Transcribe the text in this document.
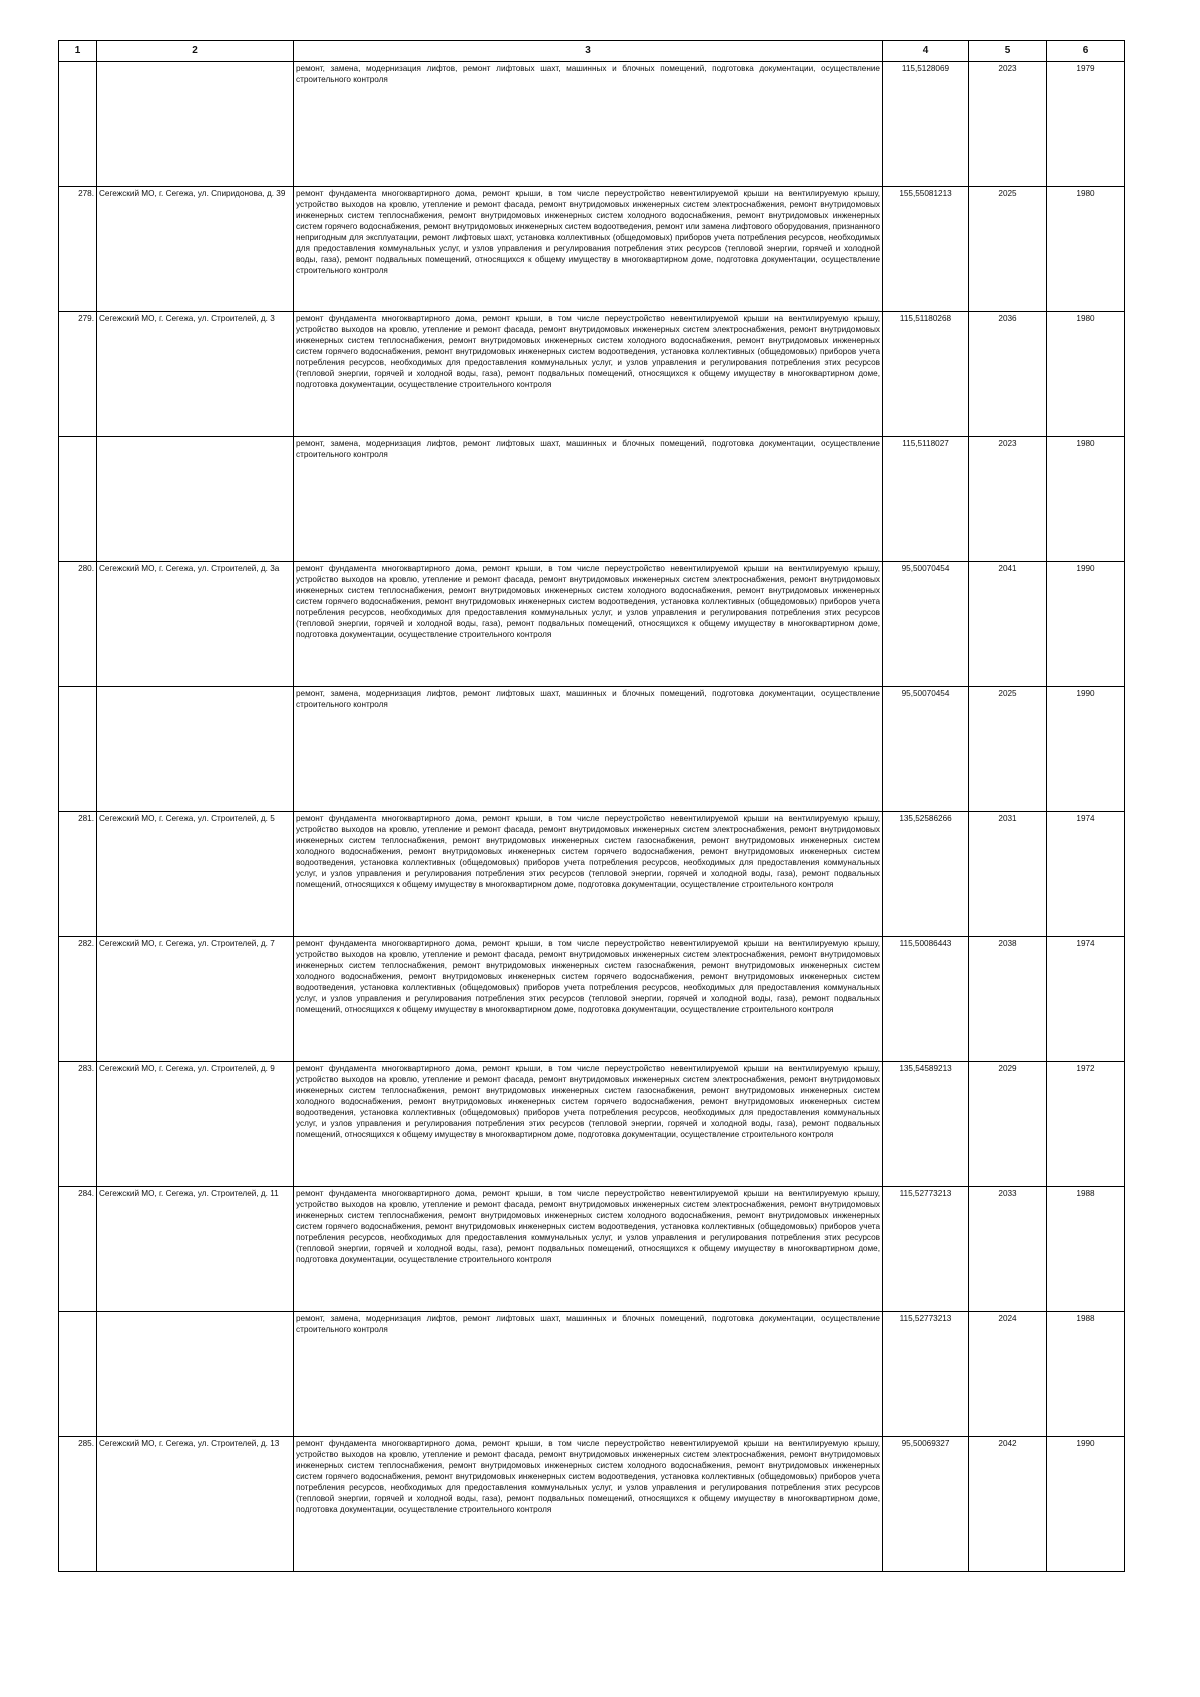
1	2	3	4	5	6
		ремонт, замена, модернизация лифтов, ремонт лифтовых шахт, машинных и блочных помещений, подготовка документации, осуществление строительного контроля	115,5128069	2023	1979
278.	Сегежский МО, г. Сегежа, ул. Спиридонова, д. 39	ремонт фундамента многоквартирного дома, ремонт крыши, в том числе переустройство невентилируемой крыши на вентилируемую крышу, устройство выходов на кровлю, утепление и ремонт фасада, ремонт внутридомовых инженерных систем электроснабжения, ремонт внутридомовых инженерных систем теплоснабжения, ремонт внутридомовых инженерных систем холодного водоснабжения, ремонт внутридомовых инженерных систем горячего водоснабжения, ремонт внутридомовых инженерных систем водоотведения, ремонт или замена лифтового оборудования, признанного непригодным для эксплуатации, ремонт лифтовых шахт, установка коллективных (общедомовых) приборов учета потребления ресурсов, необходимых для предоставления коммунальных услуг, и узлов управления и регулирования потребления этих ресурсов (тепловой энергии, горячей и холодной воды, газа), ремонт подвальных помещений, относящихся к общему имуществу в многоквартирном доме, подготовка документации, осуществление строительного контроля	155,55081213	2025	1980
279.	Сегежский МО, г. Сегежа, ул. Строителей, д. 3	ремонт фундамента многоквартирного дома, ремонт крыши, в том числе переустройство невентилируемой крыши на вентилируемую крышу, устройство выходов на кровлю, утепление и ремонт фасада, ремонт внутридомовых инженерных систем электроснабжения, ремонт внутридомовых инженерных систем теплоснабжения, ремонт внутридомовых инженерных систем холодного водоснабжения, ремонт внутридомовых инженерных систем горячего водоснабжения, ремонт внутридомовых инженерных систем водоотведения, установка коллективных (общедомовых) приборов учета потребления ресурсов, необходимых для предоставления коммунальных услуг, и узлов управления и регулирования потребления этих ресурсов (тепловой энергии, горячей и холодной воды, газа), ремонт подвальных помещений, относящихся к общему имуществу в многоквартирном доме, подготовка документации, осуществление строительного контроля	115,51180268	2036	1980
		ремонт, замена, модернизация лифтов, ремонт лифтовых шахт, машинных и блочных помещений, подготовка документации, осуществление строительного контроля	115,5118027	2023	1980
280.	Сегежский МО, г. Сегежа, ул. Строителей, д. 3а	ремонт фундамента многоквартирного дома, ремонт крыши, в том числе переустройство невентилируемой крыши на вентилируемую крышу, устройство выходов на кровлю, утепление и ремонт фасада, ремонт внутридомовых инженерных систем электроснабжения, ремонт внутридомовых инженерных систем теплоснабжения, ремонт внутридомовых инженерных систем холодного водоснабжения, ремонт внутридомовых инженерных систем горячего водоснабжения, ремонт внутридомовых инженерных систем водоотведения, установка коллективных (общедомовых) приборов учета потребления ресурсов, необходимых для предоставления коммунальных услуг, и узлов управления и регулирования потребления этих ресурсов (тепловой энергии, горячей и холодной воды, газа), ремонт подвальных помещений, относящихся к общему имуществу в многоквартирном доме, подготовка документации, осуществление строительного контроля	95,50070454	2041	1990
		ремонт, замена, модернизация лифтов, ремонт лифтовых шахт, машинных и блочных помещений, подготовка документации, осуществление строительного контроля	95,50070454	2025	1990
281.	Сегежский МО, г. Сегежа, ул. Строителей, д. 5	ремонт фундамента многоквартирного дома, ремонт крыши, в том числе переустройство невентилируемой крыши на вентилируемую крышу, устройство выходов на кровлю, утепление и ремонт фасада, ремонт внутридомовых инженерных систем электроснабжения, ремонт внутридомовых инженерных систем теплоснабжения, ремонт внутридомовых инженерных систем газоснабжения, ремонт внутридомовых инженерных систем холодного водоснабжения, ремонт внутридомовых инженерных систем горячего водоснабжения, ремонт внутридомовых инженерных систем водоотведения, установка коллективных (общедомовых) приборов учета потребления ресурсов, необходимых для предоставления коммунальных услуг, и узлов управления и регулирования потребления этих ресурсов (тепловой энергии, горячей и холодной воды, газа), ремонт подвальных помещений, относящихся к общему имуществу в многоквартирном доме, подготовка документации, осуществление строительного контроля	135,52586266	2031	1974
282.	Сегежский МО, г. Сегежа, ул. Строителей, д. 7	ремонт фундамента многоквартирного дома, ремонт крыши, в том числе переустройство невентилируемой крыши на вентилируемую крышу, устройство выходов на кровлю, утепление и ремонт фасада, ремонт внутридомовых инженерных систем электроснабжения, ремонт внутридомовых инженерных систем теплоснабжения, ремонт внутридомовых инженерных систем газоснабжения, ремонт внутридомовых инженерных систем холодного водоснабжения, ремонт внутридомовых инженерных систем горячего водоснабжения, ремонт внутридомовых инженерных систем водоотведения, установка коллективных (общедомовых) приборов учета потребления ресурсов, необходимых для предоставления коммунальных услуг, и узлов управления и регулирования потребления этих ресурсов (тепловой энергии, горячей и холодной воды, газа), ремонт подвальных помещений, относящихся к общему имуществу в многоквартирном доме, подготовка документации, осуществление строительного контроля	115,50086443	2038	1974
283.	Сегежский МО, г. Сегежа, ул. Строителей, д. 9	ремонт фундамента многоквартирного дома, ремонт крыши, в том числе переустройство невентилируемой крыши на вентилируемую крышу, устройство выходов на кровлю, утепление и ремонт фасада, ремонт внутридомовых инженерных систем электроснабжения, ремонт внутридомовых инженерных систем теплоснабжения, ремонт внутридомовых инженерных систем газоснабжения, ремонт внутридомовых инженерных систем холодного водоснабжения, ремонт внутридомовых инженерных систем горячего водоснабжения, ремонт внутридомовых инженерных систем водоотведения, установка коллективных (общедомовых) приборов учета потребления ресурсов, необходимых для предоставления коммунальных услуг, и узлов управления и регулирования потребления этих ресурсов (тепловой энергии, горячей и холодной воды, газа), ремонт подвальных помещений, относящихся к общему имуществу в многоквартирном доме, подготовка документации, осуществление строительного контроля	135,54589213	2029	1972
284.	Сегежский МО, г. Сегежа, ул. Строителей, д. 11	ремонт фундамента многоквартирного дома, ремонт крыши, в том числе переустройство невентилируемой крыши на вентилируемую крышу, устройство выходов на кровлю, утепление и ремонт фасада, ремонт внутридомовых инженерных систем электроснабжения, ремонт внутридомовых инженерных систем теплоснабжения, ремонт внутридомовых инженерных систем холодного водоснабжения, ремонт внутридомовых инженерных систем горячего водоснабжения, ремонт внутридомовых инженерных систем водоотведения, установка коллективных (общедомовых) приборов учета потребления ресурсов, необходимых для предоставления коммунальных услуг, и узлов управления и регулирования потребления этих ресурсов (тепловой энергии, горячей и холодной воды, газа), ремонт подвальных помещений, относящихся к общему имуществу в многоквартирном доме, подготовка документации, осуществление строительного контроля	115,52773213	2033	1988
		ремонт, замена, модернизация лифтов, ремонт лифтовых шахт, машинных и блочных помещений, подготовка документации, осуществление строительного контроля	115,52773213	2024	1988
285.	Сегежский МО, г. Сегежа, ул. Строителей, д. 13	ремонт фундамента многоквартирного дома, ремонт крыши, в том числе переустройство невентилируемой крыши на вентилируемую крышу, устройство выходов на кровлю, утепление и ремонт фасада, ремонт внутридомовых инженерных систем электроснабжения, ремонт внутридомовых инженерных систем теплоснабжения, ремонт внутридомовых инженерных систем холодного водоснабжения, ремонт внутридомовых инженерных систем горячего водоснабжения, ремонт внутридомовых инженерных систем водоотведения, установка коллективных (общедомовых) приборов учета потребления ресурсов, необходимых для предоставления коммунальных услуг, и узлов управления и регулирования потребления этих ресурсов (тепловой энергии, горячей и холодной воды, газа), ремонт подвальных помещений, относящихся к общему имуществу в многоквартирном доме, подготовка документации, осуществление строительного контроля	95,50069327	2042	1990
